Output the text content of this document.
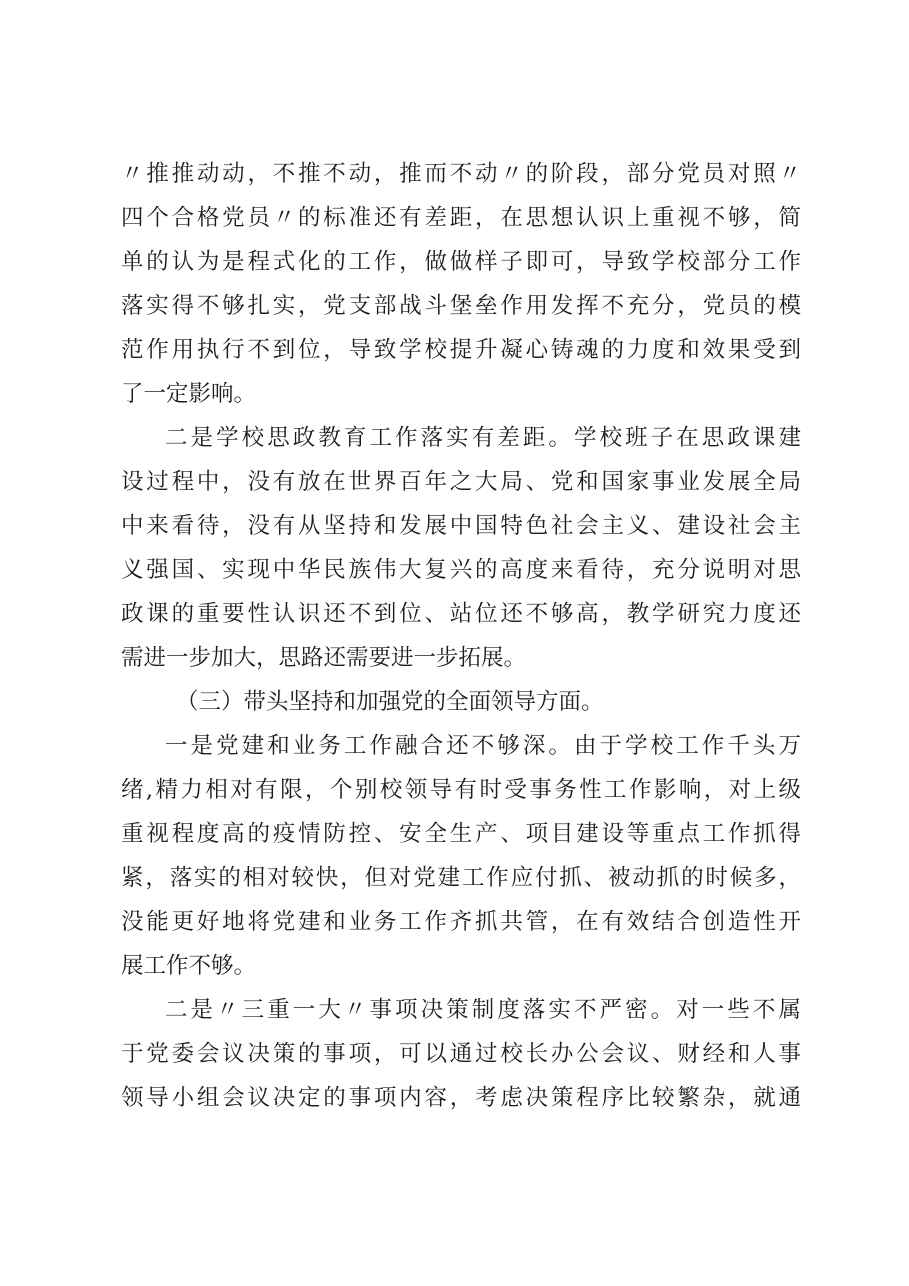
〃推推动动，不推不动，推而不动〃的阶段，部分党员对照〃
四个合格党员〃的标准还有差距，在思想认识上重视不够，简
单的认为是程式化的工作，做做样子即可，导致学校部分工作
落实得不够扎实，党支部战斗堡垒作用发挥不充分，党员的模
范作用执行不到位，导致学校提升凝心铸魂的力度和效果受到
了一定影响。
二是学校思政教育工作落实有差距。学校班子在思政课建
设过程中，没有放在世界百年之大局、党和国家事业发展全局
中来看待，没有从坚持和发展中国特色社会主义、建设社会主
义强国、实现中华民族伟大复兴的高度来看待，充分说明对思
政课的重要性认识还不到位、站位还不够高，教学研究力度还
需进一步加大，思路还需要进一步拓展。
（三）带头坚持和加强党的全面领导方面。
一是党建和业务工作融合还不够深。由于学校工作千头万
绪,精力相对有限，个别校领导有时受事务性工作影响，对上级
重视程度高的疫情防控、安全生产、项目建设等重点工作抓得
紧，落实的相对较快，但对党建工作应付抓、被动抓的时候多，
没能更好地将党建和业务工作齐抓共管，在有效结合创造性开
展工作不够。
二是〃三重一大〃事项决策制度落实不严密。对一些不属
于党委会议决策的事项，可以通过校长办公会议、财经和人事
领导小组会议决定的事项内容，考虑决策程序比较繁杂，就通
